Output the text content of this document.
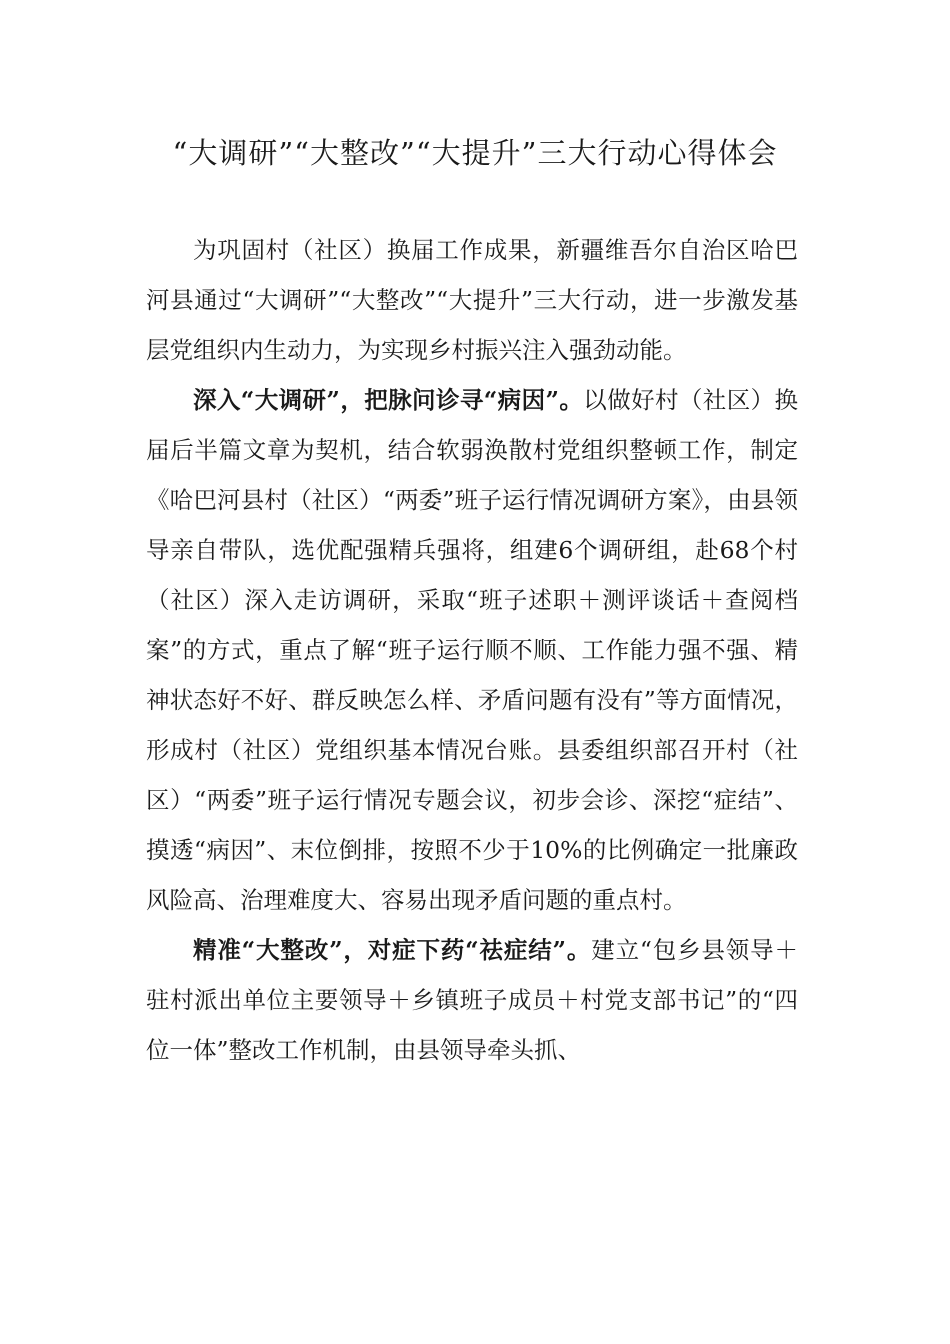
“大调研”“大整改”“大提升”三大行动心得体会

为巩固村（社区）换届工作成果，新疆维吾尔自治区哈巴河县通过“大调研”“大整改”“大提升”三大行动，进一步激发基层党组织内生动力，为实现乡村振兴注入强劲动能。

深入“大调研”，把脉问诊寻“病因”。以做好村（社区）换届后半篇文章为契机，结合软弱涣散村党组织整顿工作，制定《哈巴河县村（社区）“两委”班子运行情况调研方案》，由县领导亲自带队，选优配强精兵强将，组建6个调研组，赴68个村（社区）深入走访调研，采取“班子述职＋测评谈话＋查阅档案”的方式，重点了解“班子运行顺不顺、工作能力强不强、精神状态好不好、群反映怎么样、矛盾问题有没有”等方面情况，形成村（社区）党组织基本情况台账。县委组织部召开村（社区）“两委”班子运行情况专题会议，初步会诊、深挖“症结”、摸透“病因”、末位倒排，按照不少于10%的比例确定一批廉政风险高、治理难度大、容易出现矛盾问题的重点村。

精准“大整改”，对症下药“祛症结”。建立“包乡县领导＋驻村派出单位主要领导＋乡镇班子成员＋村党支部书记”的“四位一体”整改工作机制，由县领导牵头抓、
